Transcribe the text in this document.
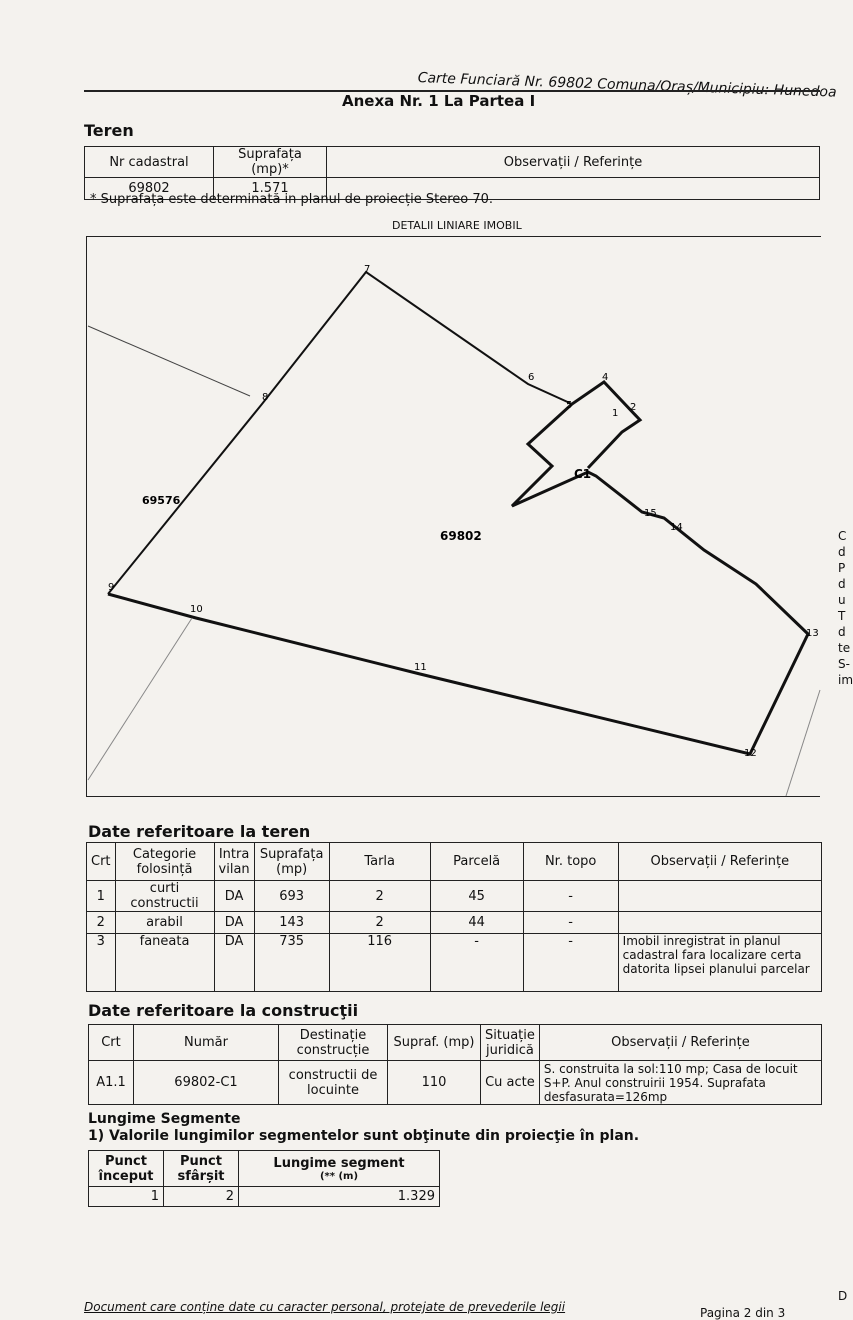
Carte Funciară Nr. 69802 Comuna/Oraș/Municipiu: Hunedoa
Anexa Nr. 1 La Partea I
Teren
Nr cadastral	Suprafața (mp)*	Observații / Referințe
69802	1.571	
* Suprafața este determinată in planul de proiecție Stereo 70.
DETALII LINIARE IMOBIL
1
2
4
5
6
7
8
9
10
11
12
13
14
15
69802
69576
C1
Date referitoare la teren
Crt	Categorie folosință	Intra vilan	Suprafața (mp)	Tarla	Parcelă	Nr. topo	Observații / Referințe
1	curti constructii	DA	693	2	45	-	
2	arabil	DA	143	2	44	-	
3	faneata	DA	735	116	-	-	Imobil inregistrat in planul cadastral fara localizare certa datorita lipsei planului parcelar
Date referitoare la construcţii
Crt	Număr	Destinație construcție	Supraf. (mp)	Situație juridică	Observații / Referințe
A1.1	69802-C1	constructii de locuinte	110	Cu acte	S. construita la sol:110 mp; Casa de locuit S+P. Anul construirii 1954. Suprafata desfasurata=126mp
Lungime Segmente
1) Valorile lungimilor segmentelor sunt obţinute din proiecţie în plan.
Punct început	Punct sfârșit	Lungime segment
(** (m)

1	2	1.329
Document care conține date cu caracter personal, protejate de prevederile legii	Pagina 2 din 3
C
d
P
d
u
T
d
te
S-
im
D
